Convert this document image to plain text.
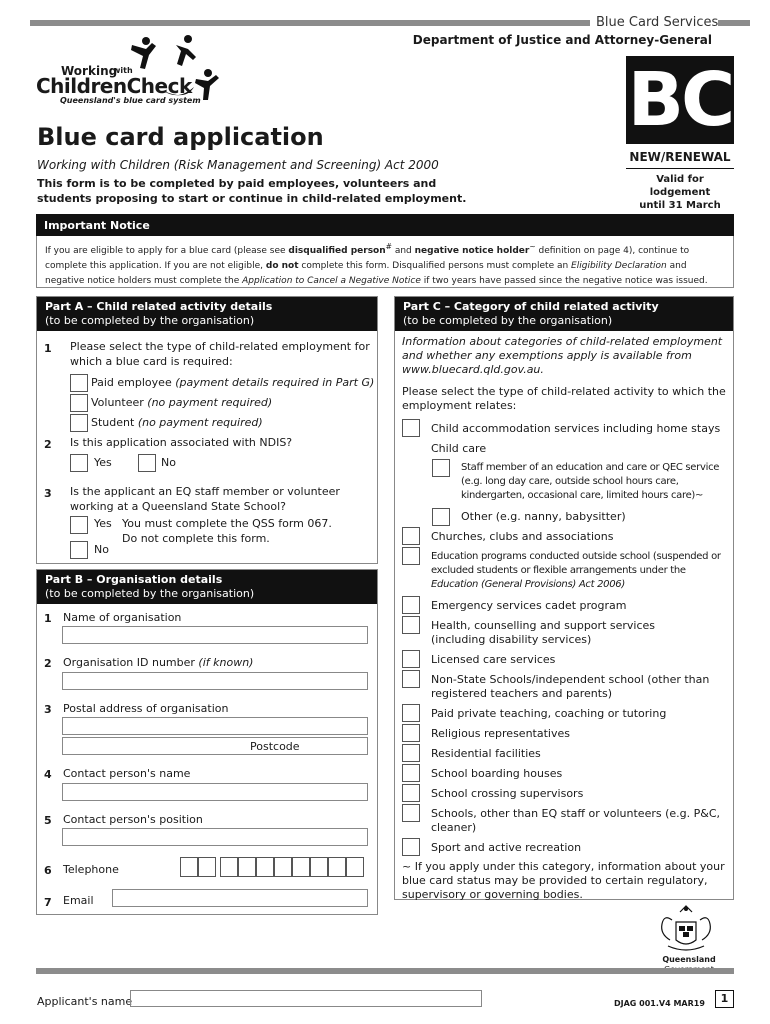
Blue Card Services
Department of Justice and Attorney-General
Working
with
ChildrenCheck
Queensland's blue card system	BC
NEW/RENEWAL
Valid for lodgement
until 31 March
Blue card application
Working with Children (Risk Management and Screening) Act 2000
This form is to be completed by paid employees, volunteers and students proposing to start or continue in child-related employment.
Important Notice
If you are eligible to apply for a blue card (please see disqualified person# and negative notice holder~ definition on page 4), continue to complete this application. If you are not eligible, do not complete this form. Disqualified persons must complete an Eligibility Declaration and negative notice holders must complete the Application to Cancel a Negative Notice if two years have passed since the negative notice was issued.
Part A – Child related activity details
(to be completed by the organisation)
1 Please select the type of child-related employment for which a blue card is required:
Paid employee (payment details required in Part G)
Volunteer (no payment required)
Student (no payment required)
2 Is this application associated with NDIS?
Yes	No
3 Is the applicant an EQ staff member or volunteer working at a Queensland State School?
Yes You must complete the QSS form 067.
Do not complete this form.
No
Part B – Organisation details
(to be completed by the organisation)
1 Name of organisation
2 Organisation ID number (if known)
3 Postal address of organisation
Postcode
4 Contact person's name
5 Contact person's position
6 Telephone
7 Email
Part C – Category of child related activity
(to be completed by the organisation)
Information about categories of child-related employment and whether any exemptions apply is available from www.bluecard.qld.gov.au.
Please select the type of child-related activity to which the employment relates:
Child accommodation services including home stays
Child care
Staff member of an education and care or QEC service (e.g. long day care, outside school hours care, kindergarten, occasional care, limited hours care)~
Other (e.g. nanny, babysitter)
Churches, clubs and associations
Education programs conducted outside school (suspended or excluded students or flexible arrangements under the Education (General Provisions) Act 2006)
Emergency services cadet program
Health, counselling and support services (including disability services)
Licensed care services
Non-State Schools/independent school (other than registered teachers and parents)
Paid private teaching, coaching or tutoring
Religious representatives
Residential facilities
School boarding houses
School crossing supervisors
Schools, other than EQ staff or volunteers (e.g. P&C, cleaner)
Sport and active recreation
~ If you apply under this category, information about your blue card status may be provided to certain regulatory, supervisory or governing bodies.
Queensland
Applicant's name	DJAG 001.V4 MAR19	1
